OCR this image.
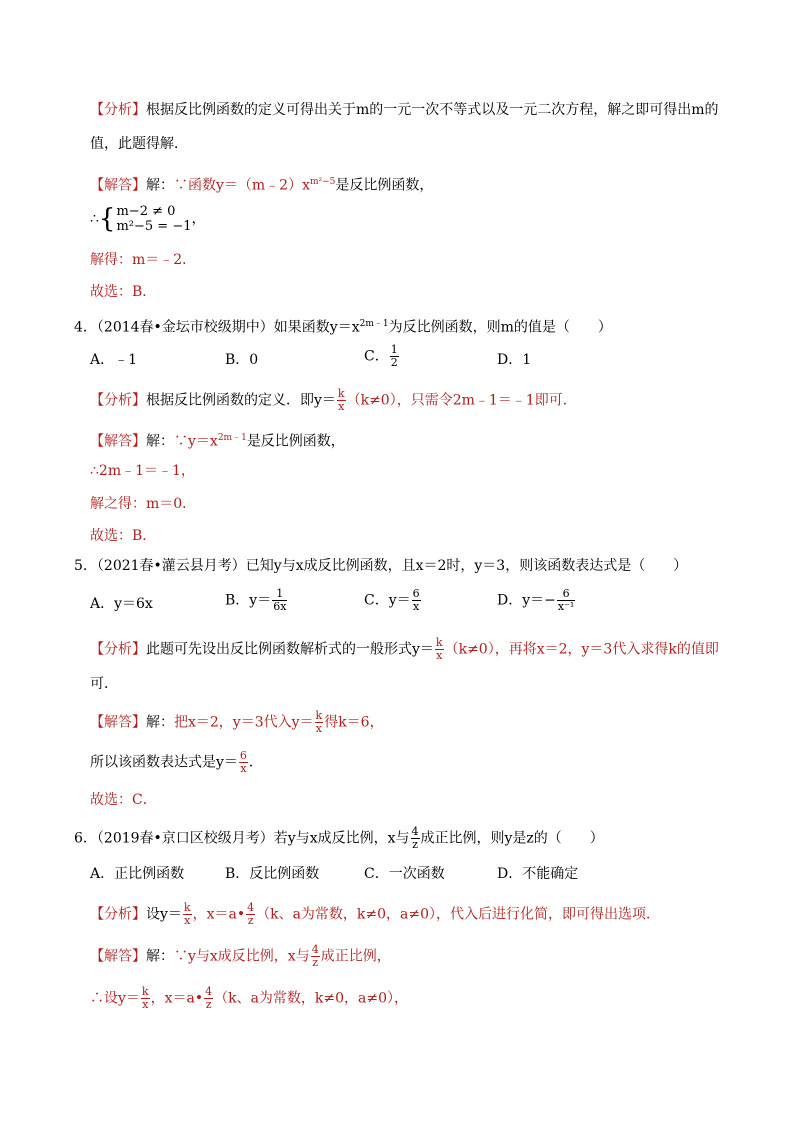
【分析】根据反比例函数的定义可得出关于m的一元一次不等式以及一元二次方程，解之即可得出m的
值，此题得解．
【解答】解：∵函数$y=(m﹣2)x^{m^2-5}$是反比例函数，
∴{ m−2 ≠ 0
m²−5 = −1 ，
解得：m＝﹣2．
故选：B．
4．（2014春•金坛市校级期中）如果函数$y=x^{2m﹣1}$为反比例函数，则m的值是（　　）
A．﹣1	B．0	C． $\frac{1}{2}$	D．1
【分析】根据反比例函数的定义．即$y= \frac{k}{x} (k\ne 0)$，只需令2m﹣1＝﹣1即可．
【解答】解：$\because y=x^{2m﹣1}$是反比例函数，
∴2m﹣1＝﹣1，
解之得：m＝0．
故选：B．
5．（2021春•灌云县月考）已知y与x成反比例函数，且x＝2时，y＝3，则该函数表达式是（　　）
A．y＝6x	B．$y= \frac{1}{6x}$	C．$y= \frac{6}{x}$	D．$y=- \frac{6}{\text{x⁻¹}}$
【分析】此题可先设出反比例函数解析式的一般形式$y= \frac{k}{x} (k\ne 0)$，再将x＝2，y＝3代入求得k的值即
可．
【解答】解：把x＝2，y＝3代入$y= \frac{k}{x}$ 得k＝6，
所以该函数表达式是$y= \frac{6}{x}$ ．
故选：C．
6．（2019春•京口区校级月考）若y与x成反比例，x与 $\frac{4}{z}$ 成正比例，则y是z的（　　）
A．正比例函数	B．反比例函数	C．一次函数	D．不能确定
【分析】设$y= \frac{k}{x}$ ，x＝a• $\frac{4}{z} (k$、a为常数，k≠0，a≠0），代入后进行化简，即可得出选项．
【解答】解：∵y与x成反比例，x与 $\frac{4}{z}$ 成正比例，
∴设$y= \frac{k}{x}$ ，x＝a• $\frac{4}{z} (k$、a为常数，k≠0，a≠0），
